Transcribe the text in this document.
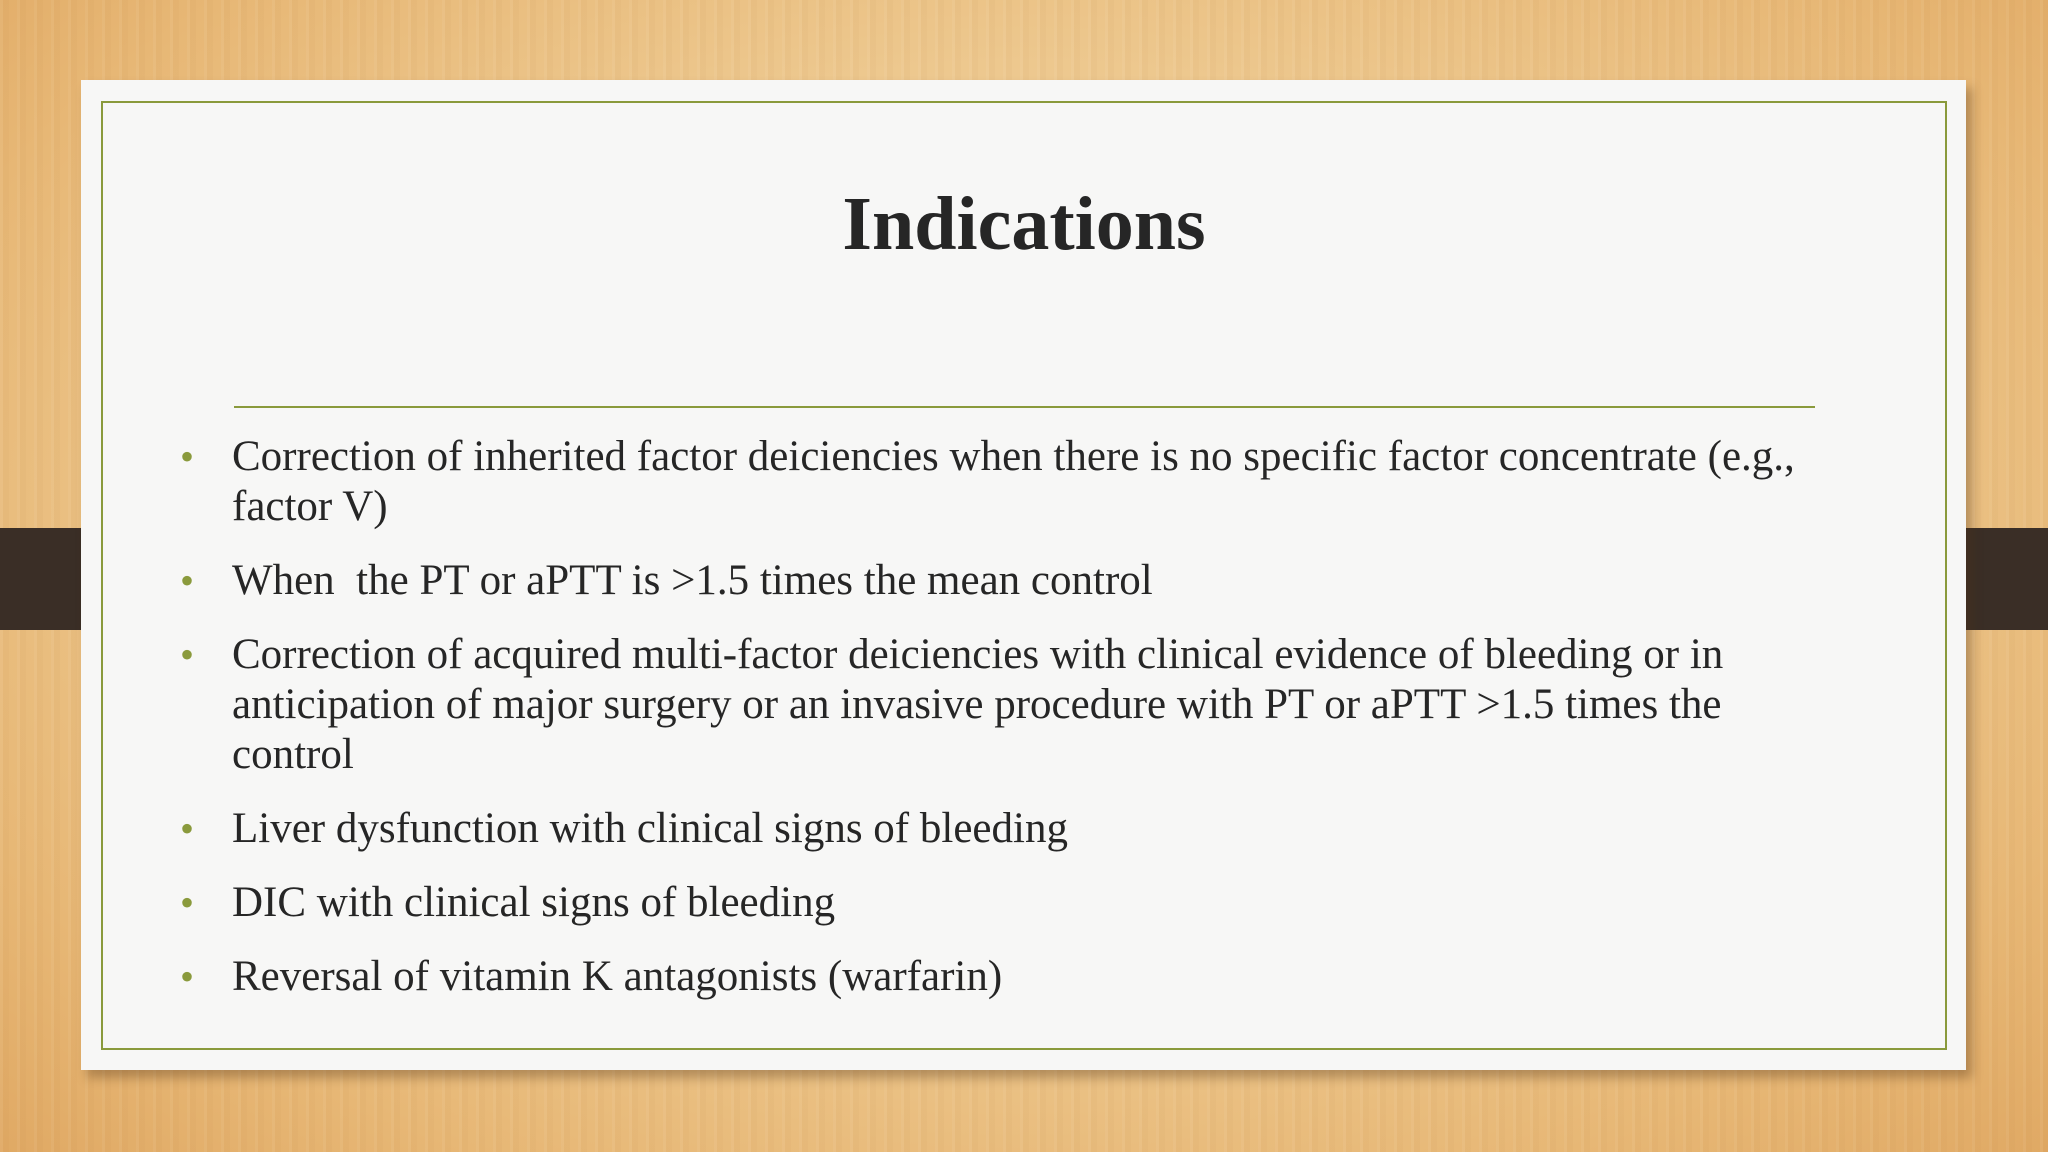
Indications
• Correction of inherited factor deiciencies when there is no specific factor concentrate (e.g., factor V)
• When  the PT or aPTT is >1.5 times the mean control
• Correction of acquired multi-factor deiciencies with clinical evidence of bleeding or in anticipation of major surgery or an invasive procedure with PT or aPTT >1.5 times the control
• Liver dysfunction with clinical signs of bleeding
• DIC with clinical signs of bleeding
• Reversal of vitamin K antagonists (warfarin)
